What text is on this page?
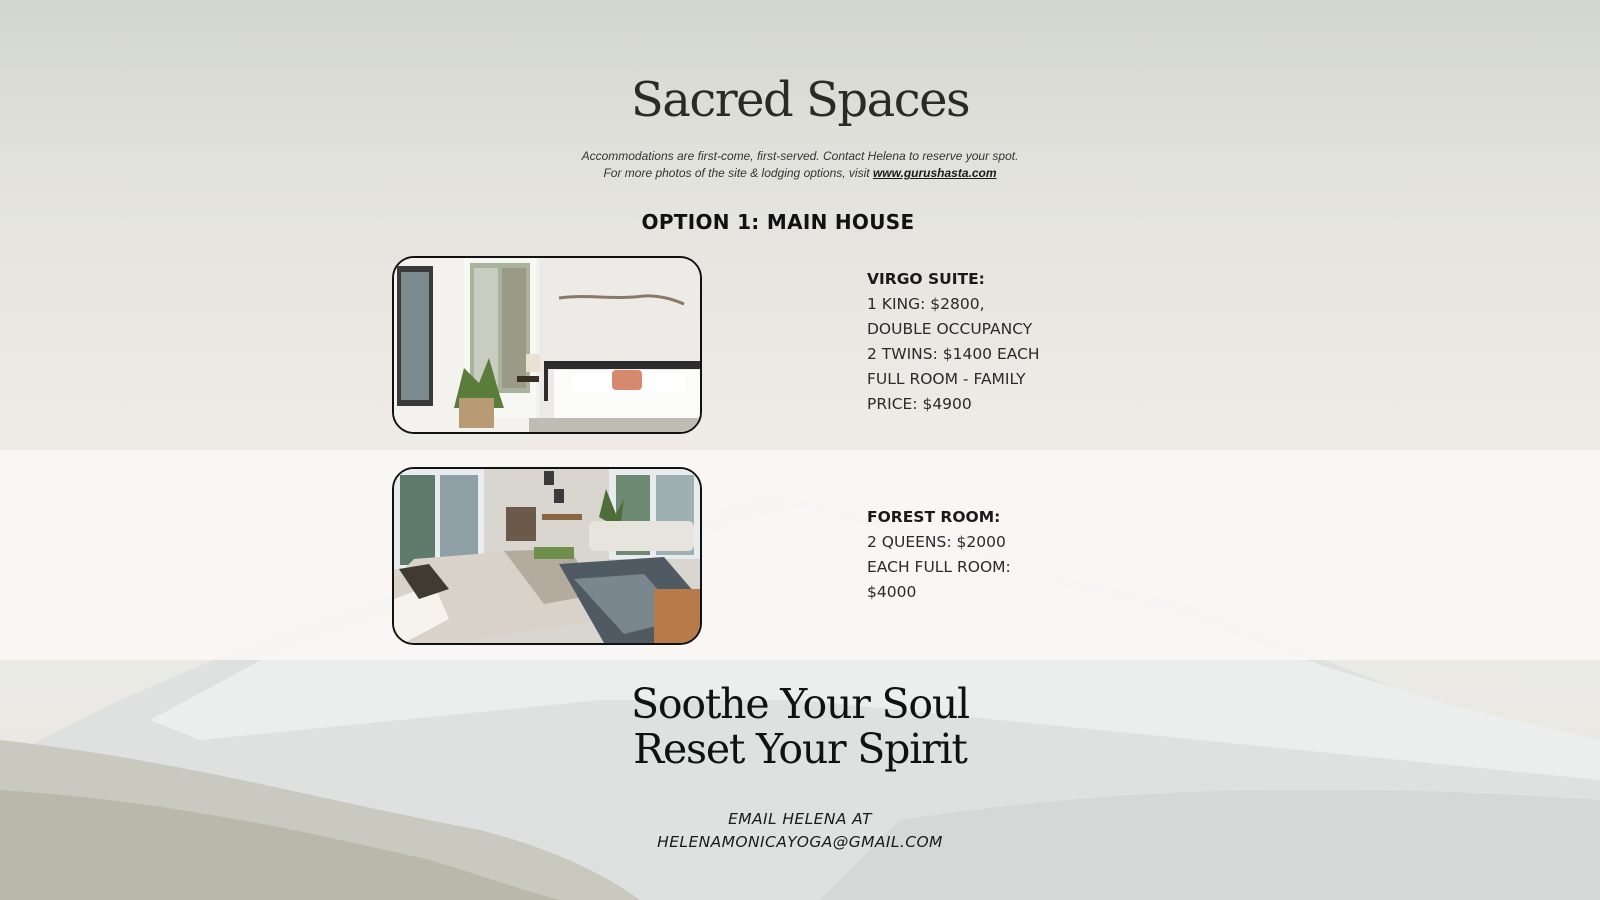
Sacred Spaces
Accommodations are first-come, first-served. Contact Helena to reserve your spot.
For more photos of the site & lodging options, visit www.gurushasta.com
OPTION 1: MAIN HOUSE
VIRGO SUITE:
1 KING: $2800,
DOUBLE OCCUPANCY
2 TWINS: $1400 EACH
FULL ROOM - FAMILY
PRICE: $4900
FOREST ROOM:
2 QUEENS: $2000
EACH FULL ROOM:
$4000
Soothe Your Soul
Reset Your Spirit
EMAIL HELENA AT
HELENAMONICAYOGA@GMAIL.COM
